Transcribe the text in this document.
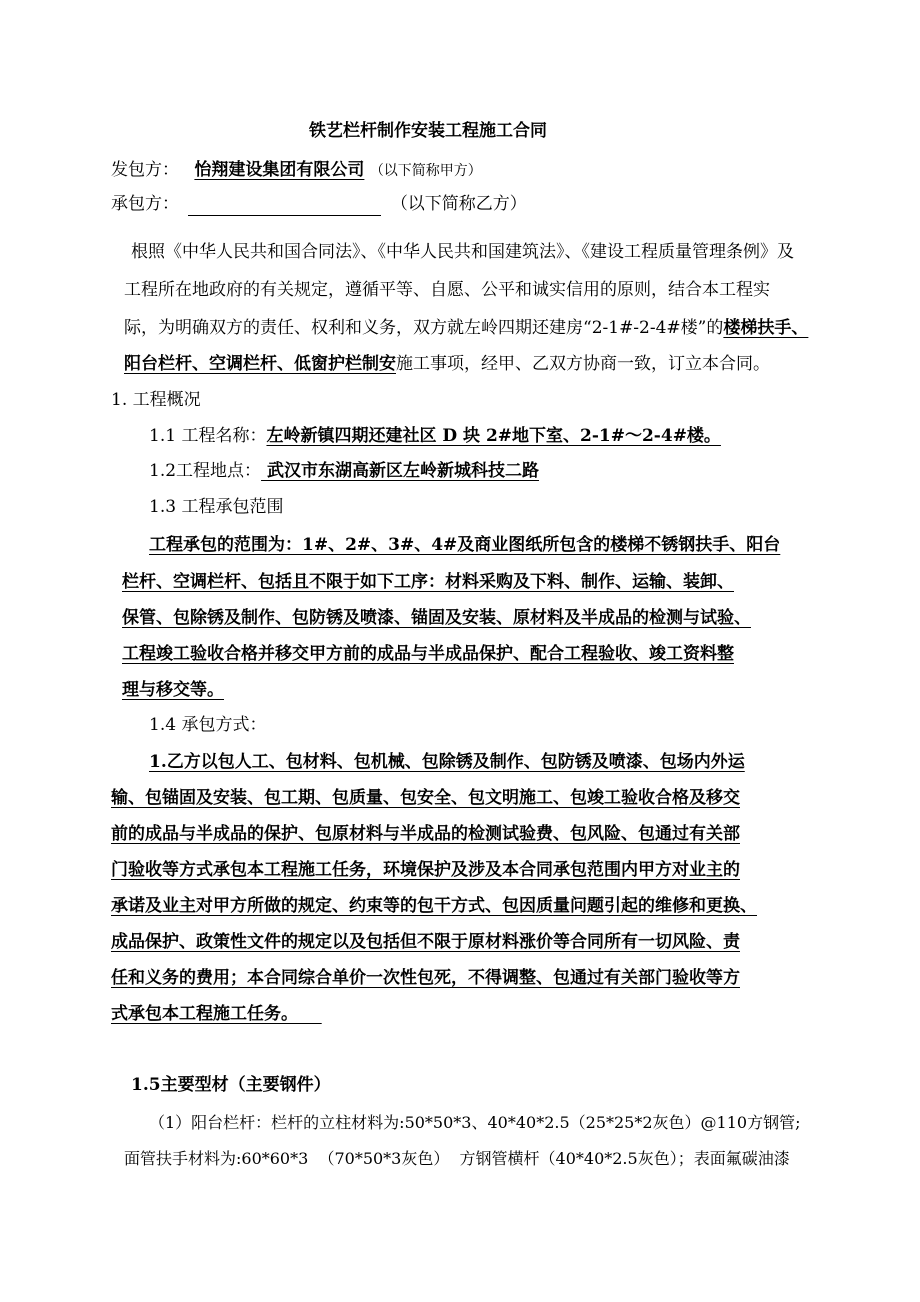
铁艺栏杆制作安装工程施工合同
发包方： 怡翔建设集团有限公司 （以下简称甲方）
承包方：	（以下简称乙方）
根照《中华人民共和国合同法》、《中华人民共和国建筑法》、《建设工程质量管理条例》及
工程所在地政府的有关规定，遵循平等、自愿、公平和诚实信用的原则，结合本工程实
际，为明确双方的责任、权利和义务，双方就左岭四期还建房“2-1#-2-4#楼”的楼梯扶手、
阳台栏杆、空调栏杆、低窗护栏制安施工事项，经甲、乙双方协商一致，订立本合同。
1. 工程概况
1.1 工程名称：左岭新镇四期还建社区 D 块 2#地下室、2-1#～2-4#楼。
1.2工程地点： 武汉市东湖高新区左岭新城科技二路
1.3 工程承包范围
工程承包的范围为：1#、2#、3#、4#及商业图纸所包含的楼梯不锈钢扶手、阳台
栏杆、空调栏杆、包括且不限于如下工序：材料采购及下料、制作、运输、装卸、
保管、包除锈及制作、包防锈及喷漆、锚固及安装、原材料及半成品的检测与试验、
工程竣工验收合格并移交甲方前的成品与半成品保护、配合工程验收、竣工资料整
理与移交等。
1.4 承包方式：
1.乙方以包人工、包材料、包机械、包除锈及制作、包防锈及喷漆、包场内外运
输、包锚固及安装、包工期、包质量、包安全、包文明施工、包竣工验收合格及移交
前的成品与半成品的保护、包原材料与半成品的检测试验费、包风险、包通过有关部
门验收等方式承包本工程施工任务，环境保护及涉及本合同承包范围内甲方对业主的
承诺及业主对甲方所做的规定、约束等的包干方式、包因质量问题引起的维修和更换、
成品保护、政策性文件的规定以及包括但不限于原材料涨价等合同所有一切风险、责
任和义务的费用；本合同综合单价一次性包死，不得调整、包通过有关部门验收等方
式承包本工程施工任务。
1.5主要型材（主要钢件）
（1）阳台栏杆：栏杆的立柱材料为:50*50*3、40*40*2.5（25*25*2灰色）@110方钢管;
面管扶手材料为:60*60*3  （70*50*3灰色）  方钢管横杆（40*40*2.5灰色）；表面氟碳油漆
